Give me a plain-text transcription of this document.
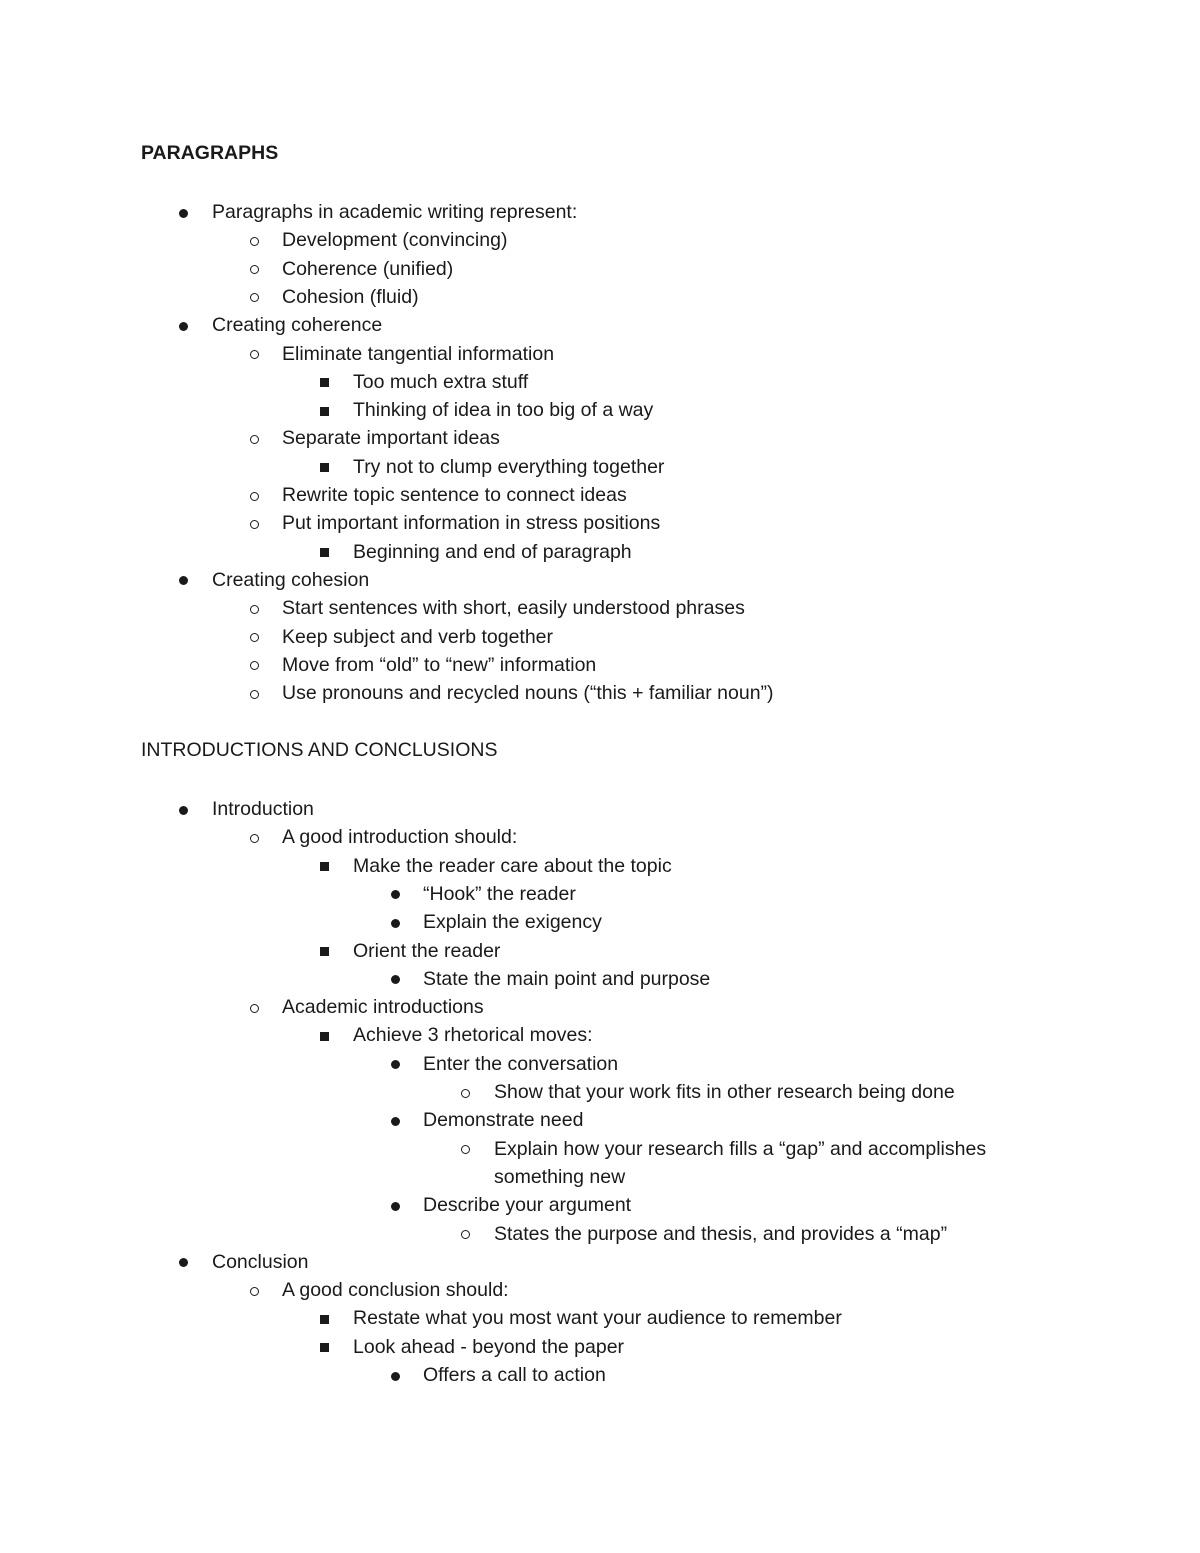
PARAGRAPHS
Paragraphs in academic writing represent:
Development (convincing)
Coherence (unified)
Cohesion (fluid)
Creating coherence
Eliminate tangential information
Too much extra stuff
Thinking of idea in too big of a way
Separate important ideas
Try not to clump everything together
Rewrite topic sentence to connect ideas
Put important information in stress positions
Beginning and end of paragraph
Creating cohesion
Start sentences with short, easily understood phrases
Keep subject and verb together
Move from “old” to “new” information
Use pronouns and recycled nouns (“this + familiar noun”)
INTRODUCTIONS AND CONCLUSIONS
Introduction
A good introduction should:
Make the reader care about the topic
“Hook” the reader
Explain the exigency
Orient the reader
State the main point and purpose
Academic introductions
Achieve 3 rhetorical moves:
Enter the conversation
Show that your work fits in other research being done
Demonstrate need
Explain how your research fills a “gap” and accomplishes
something new
Describe your argument
States the purpose and thesis, and provides a “map”
Conclusion
A good conclusion should:
Restate what you most want your audience to remember
Look ahead - beyond the paper
Offers a call to action
